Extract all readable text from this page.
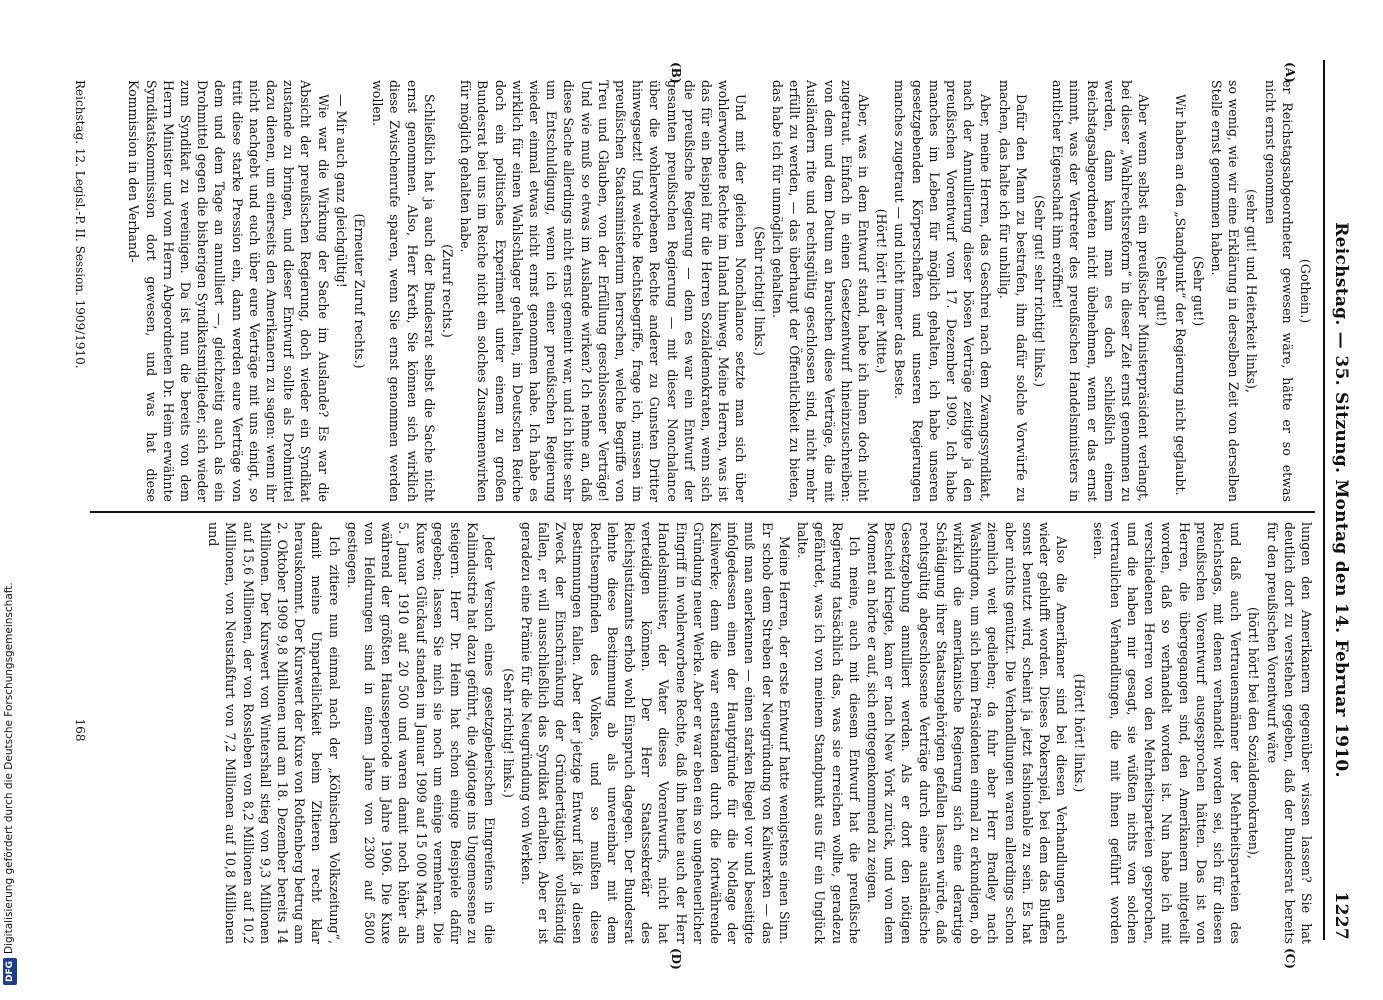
Reichstag. — 35. Sitzung. Montag den 14. Februar 1910.
1227
(A)
(B)
(C)
(D)

(Gothein.)

er Reichstagsabgeordneter gewesen wäre, hätte er so etwas nicht ernst genommen

(sehr gut! und Heiterkeit links),

so wenig, wie wir eine Erklärung in derselben Zeit von derselben Stelle ernst genommen haben.

(Sehr gut!)

Wir haben an den „Standpunkt“ der Regierung nicht geglaubt.

(Sehr gut!)

Aber wenn selbst ein preußischer Ministerpräsident verlangt, bei dieser „Wahlrechtsreform“ in dieser Zeit ernst genommen zu werden, dann kann man es doch schließlich einem Reichstagsabgeordneten nicht übelnehmen, wenn er das ernst nimmt, was der Vertreter des preußischen Handelsministers in amtlicher Eigenschaft ihm eröffnet!

(Sehr gut! sehr richtig! links.)

Dafür den Mann zu bestrafen, ihm dafür solche Vorwürfe zu machen, das halte ich für unbillig.

Aber, meine Herren, das Geschrei nach dem Zwangssyndikat, nach der Annullierung dieser bösen Verträge zeitigte ja den preußischen Vorentwurf vom 17. Dezember 1909. Ich habe manches im Leben für möglich gehalten, ich habe unseren gesetzgebenden Körperschaften und unseren Regierungen manches zugetraut — und nicht immer das Beste.

(Hört! hört! in der Mitte.)

Aber, was in dem Entwurf stand, habe ich ihnen doch nicht zugetraut. Einfach in einen Gesetzentwurf hineinzuschreiben: von dem und dem Datum an brauchen diese Verträge, die mit Ausländern rite und rechtsgültig geschlossen sind, nicht mehr erfüllt zu werden, — das überhaupt der Öffentlichkeit zu bieten, das habe ich für unmöglich gehalten.

(Sehr richtig! links.)

Und mit der gleichen Nonchalance setzte man sich über wohlerworbene Rechte im Inland hinweg. Meine Herren, was ist das für ein Beispiel für die Herren Sozialdemokraten, wenn sich die preußische Regierung — denn es war ein Entwurf der gesamten preußischen Regierung — mit dieser Nonchalance über die wohlerworbenen Rechte anderer zu Gunsten Dritter hinwegsetzt! Und welche Rechtsbegriffe, frage ich, müssen im preußischen Staatsministerium herrschen, welche Begriffe von Treu und Glauben, von der Erfüllung geschlossener Verträge! Und wie muß so etwas im Auslande wirken? Ich nehme an, daß diese Sache allerdings nicht ernst gemeint war, und ich bitte sehr um Entschuldigung, wenn ich einer preußischen Regierung wieder einmal etwas nicht ernst genommen habe. Ich habe es wirklich für einen Wahlschlager gehalten, im Deutschen Reiche doch ein politisches Experiment unter einem zu großen Bundesrat bei uns im Reiche nicht ein solches Zusammenwirken für möglich gehalten habe.

(Zuruf rechts.)

Schließlich hat ja auch der Bundesrat selbst die Sache nicht ernst genommen. Also, Herr Kreth, Sie können sich wirklich diese Zwischenrufe sparen, wenn Sie ernst genommen werden wollen.

(Erneuter Zuruf rechts.)

— Mir auch ganz gleichgültig!

Wie war die Wirkung der Sache im Auslande? Es war die Absicht der preußischen Regierung, doch wieder ein Syndikat zustande zu bringen, und dieser Entwurf sollte als Drohmittel dazu dienen, um einerseits den Amerikanern zu sagen: wenn ihr nicht nachgebt und euch über eure Verträge mit uns einigt, so tritt diese starke Pression ein, dann werden eure Verträge von dem und dem Tage an annulliert —, gleichzeitig auch als ein Drohmittel gegen die bisherigen Syndikatsmitglieder, sich wieder zum Syndikat zu vereinigen. Da ist nun die bereits von dem Herrn Minister und vom Herrn Abgeordneten Dr. Heim erwähnte Syndikatskommission dort gewesen, und was hat diese Kommission in den Verhand-

lungen den Amerikanern gegenüber wissen lassen? Sie hat deutlich dort zu verstehen gegeben, daß der Bundesrat bereits für den preußischen Vorentwurf wäre

(hört! hört! bei den Sozialdemokraten),

und daß auch Vertrauensmänner der Mehrheitsparteien des Reichstags, mit denen verhandelt worden sei, sich für diesen preußischen Vorentwurf ausgesprochen hätten. Das ist von Herren, die übergegangen sind, den Amerikanern mitgeteilt worden, daß so verhandelt worden ist. Nun habe ich mit verschiedenen Herren von den Mehrheitsparteien gesprochen, und die haben mir gesagt, sie wüßten nichts von solchen vertraulichen Verhandlungen, die mit ihnen geführt worden seien.

(Hört! hört! links.)

Also die Amerikaner sind bei diesen Verhandlungen auch wieder geblufft worden. Dieses Pokerspiel, bei dem das Bluffen sonst benutzt wird, scheint ja jetzt fashionable zu sein. Es hat aber nichts genützt. Die Verhandlungen waren allerdings schon ziemlich weit gediehen; da fuhr aber Herr Bradley nach Washington, um sich beim Präsidenten einmal zu erkundigen, ob wirklich die amerikanische Regierung sich eine derartige Schädigung ihrer Staatsangehörigen gefallen lassen würde, daß rechtsgültig abgeschlossene Verträge durch eine ausländische Gesetzgebung annulliert werden. Als er dort den nötigen Bescheid kriegte, kam er nach New York zurück, und von dem Moment an hörte er auf, sich entgegenkommend zu zeigen.

Ich meine, auch mit diesem Entwurf hat die preußische Regierung tatsächlich das, was sie erreichen wollte, geradezu gefährdet, was ich von meinem Standpunkt aus für ein Unglück halte.

Meine Herren, der erste Entwurf hatte wenigstens einen Sinn. Er schob dem Streben der Neugründung von Kaliwerken — das muß man anerkennen — einen starken Riegel vor und beseitigte infolgedessen einen der Hauptgründe für die Notlage der Kaliwerke; denn die war entstanden durch die fortwährende Gründung neuer Werke. Aber er war eben ein so ungeheuerlicher Eingriff in wohlerworbene Rechte, daß ihn heute auch der Herr Handelsminister, der Vater dieses Vorentwurfs, nicht hat verteidigen können. Der Herr Staatssekretär des Reichsjustizamts erhob wohl Einspruch dagegen. Der Bundesrat lehnte diese Bestimmung ab als unvereinbar mit dem Rechtsempfinden des Volkes, und so mußten diese Bestimmungen fallen. Aber der jetzige Entwurf läßt ja diesen Zweck der Einschränkung der Gründertätigkeit vollständig fallen, er will ausschließlich das Syndikat erhalten. Aber er ist geradezu eine Prämie für die Neugründung von Werken.

(Sehr richtig! links.)

Jeder Versuch eines gesetzgeberischen Eingreifens in die Kaliindustrie hat dazu geführt, die Agiotage ins Ungemessene zu steigern. Herr Dr. Heim hat schon einige Beispiele dafür gegeben; lassen Sie mich sie noch um einige vermehren. Die Kuxe von Glückauf standen im Januar 1909 auf 15 000 Mark, am 5. Januar 1910 auf 20 500 und waren damit noch höher als während der größten Hausseperiode im Jahre 1906. Die Kuxe von Heldrungen sind in einem Jahre von 2300 auf 5800 gestiegen.

Ich zitiere nun einmal nach der „Kölnischen Volkszeitung“, damit meine Unparteilichkeit beim Zitieren recht klar herauskommt. Der Kurswert der Kuxe von Rothenberg betrug am 2. Oktober 1909 9,8 Millionen und am 18. Dezember bereits 14 Millionen. Der Kurswert von Wintershall stieg von 9,3 Millionen auf 15,6 Millionen, der von Rossleben von 8,2 Millionen auf 10,2 Millionen, von Neustaßfurt von 7,2 Millionen auf 10,8 Millionen und

Reichstag. 12. Legisl.-P. II. Session. 1909/1910.
168
DFGDigitalisierung gefördert durch die Deutsche Forschungsgemeinschaft.
